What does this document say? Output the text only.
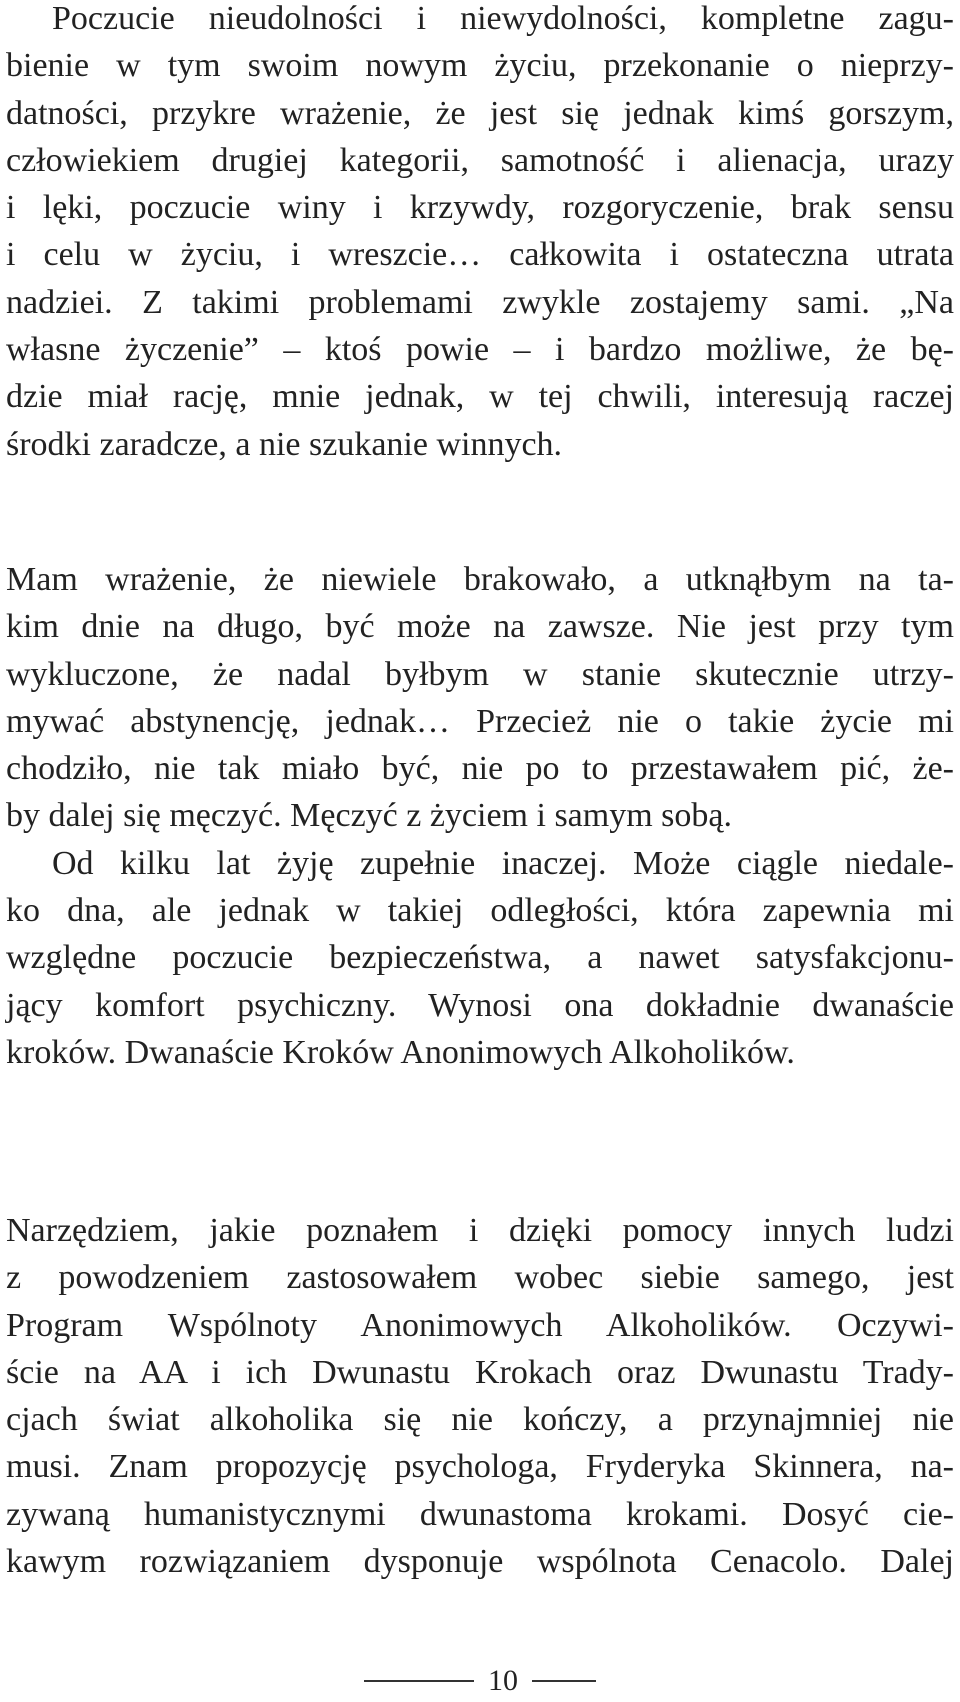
Poczucie nieudolności i niewydolności, kompletne zagu-
bienie w tym swoim nowym życiu, przekonanie o nieprzy-
datności, przykre wrażenie, że jest się jednak kimś gorszym,
człowiekiem drugiej kategorii, samotność i alienacja, urazy
i lęki, poczucie winy i krzywdy, rozgoryczenie, brak sensu
i celu w życiu, i wreszcie… całkowita i ostateczna utrata
nadziei. Z takimi problemami zwykle zostajemy sami. „Na
własne życzenie” – ktoś powie – i bardzo możliwe, że bę-
dzie miał rację, mnie jednak, w tej chwili, interesują raczej
środki zaradcze, a nie szukanie winnych.
Mam wrażenie, że niewiele brakowało, a utknąłbym na ta-
kim dnie na długo, być może na zawsze. Nie jest przy tym
wykluczone, że nadal byłbym w stanie skutecznie utrzy-
mywać abstynencję, jednak… Przecież nie o takie życie mi
chodziło, nie tak miało być, nie po to przestawałem pić, że-
by dalej się męczyć. Męczyć z życiem i samym sobą.
Od kilku lat żyję zupełnie inaczej. Może ciągle niedale-
ko dna, ale jednak w takiej odległości, która zapewnia mi
względne poczucie bezpieczeństwa, a nawet satysfakcjonu-
jący komfort psychiczny. Wynosi ona dokładnie dwanaście
kroków. Dwanaście Kroków Anonimowych Alkoholików.
Narzędziem, jakie poznałem i dzięki pomocy innych ludzi
z powodzeniem zastosowałem wobec siebie samego, jest
Program Wspólnoty Anonimowych Alkoholików. Oczywi-
ście na AA i ich Dwunastu Krokach oraz Dwunastu Trady-
cjach świat alkoholika się nie kończy, a przynajmniej nie
musi. Znam propozycję psychologa, Fryderyka Skinnera, na-
zywaną humanistycznymi dwunastoma krokami. Dosyć cie-
kawym rozwiązaniem dysponuje wspólnota Cenacolo. Dalej
10
